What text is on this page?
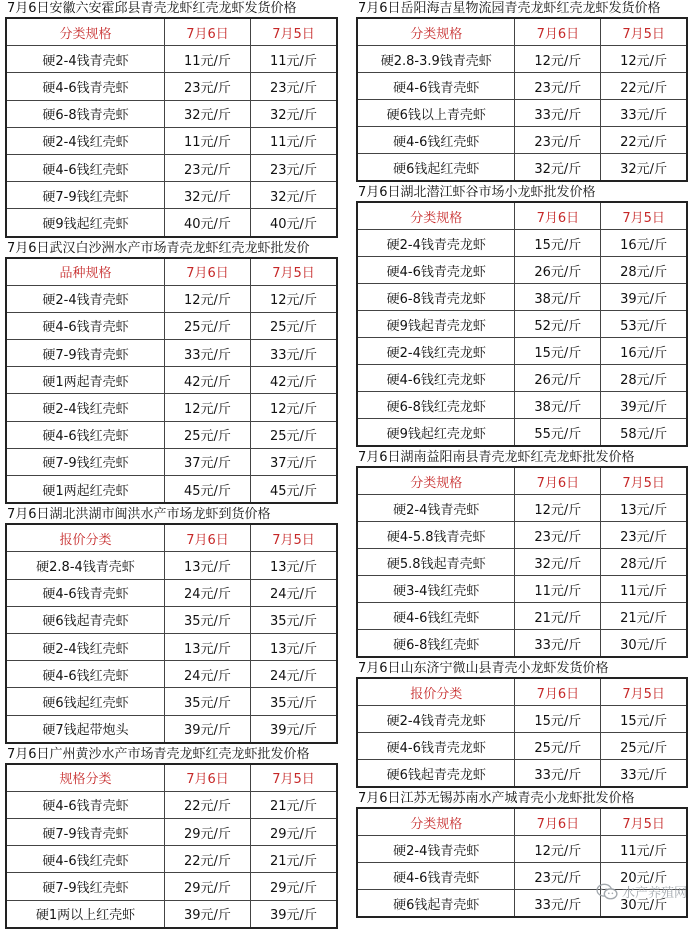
7月6日安徽六安霍邱县青壳龙虾红壳龙虾发货价格
分类规格	7月6日	7月5日
硬2-4钱青壳虾	11元/斤	11元/斤
硬4-6钱青壳虾	23元/斤	23元/斤
硬6-8钱青壳虾	32元/斤	32元/斤
硬2-4钱红壳虾	11元/斤	11元/斤
硬4-6钱红壳虾	23元/斤	23元/斤
硬7-9钱红壳虾	32元/斤	32元/斤
硬9钱起红壳虾	40元/斤	40元/斤
7月6日武汉白沙洲水产市场青壳龙虾红壳龙虾批发价
品种规格	7月6日	7月5日
硬2-4钱青壳虾	12元/斤	12元/斤
硬4-6钱青壳虾	25元/斤	25元/斤
硬7-9钱青壳虾	33元/斤	33元/斤
硬1两起青壳虾	42元/斤	42元/斤
硬2-4钱红壳虾	12元/斤	12元/斤
硬4-6钱红壳虾	25元/斤	25元/斤
硬7-9钱红壳虾	37元/斤	37元/斤
硬1两起红壳虾	45元/斤	45元/斤
7月6日湖北洪湖市闽洪水产市场龙虾到货价格
报价分类	7月6日	7月5日
硬2.8-4钱青壳虾	13元/斤	13元/斤
硬4-6钱青壳虾	24元/斤	24元/斤
硬6钱起青壳虾	35元/斤	35元/斤
硬2-4钱红壳虾	13元/斤	13元/斤
硬4-6钱红壳虾	24元/斤	24元/斤
硬6钱起红壳虾	35元/斤	35元/斤
硬7钱起带炮头	39元/斤	39元/斤
7月6日广州黄沙水产市场青壳龙虾红壳龙虾批发价格
规格分类	7月6日	7月5日
硬4-6钱青壳虾	22元/斤	21元/斤
硬7-9钱青壳虾	29元/斤	29元/斤
硬4-6钱红壳虾	22元/斤	21元/斤
硬7-9钱红壳虾	29元/斤	29元/斤
硬1两以上红壳虾	39元/斤	39元/斤
7月6日岳阳海吉星物流园青壳龙虾红壳龙虾发货价格
分类规格	7月6日	7月5日
硬2.8-3.9钱青壳虾	12元/斤	12元/斤
硬4-6钱青壳虾	23元/斤	22元/斤
硬6钱以上青壳虾	33元/斤	33元/斤
硬4-6钱红壳虾	23元/斤	22元/斤
硬6钱起红壳虾	32元/斤	32元/斤
7月6日湖北潜江虾谷市场小龙虾批发价格
分类规格	7月6日	7月5日
硬2-4钱青壳龙虾	15元/斤	16元/斤
硬4-6钱青壳龙虾	26元/斤	28元/斤
硬6-8钱青壳龙虾	38元/斤	39元/斤
硬9钱起青壳龙虾	52元/斤	53元/斤
硬2-4钱红壳龙虾	15元/斤	16元/斤
硬4-6钱红壳龙虾	26元/斤	28元/斤
硬6-8钱红壳龙虾	38元/斤	39元/斤
硬9钱起红壳龙虾	55元/斤	58元/斤
7月6日湖南益阳南县青壳龙虾红壳龙虾批发价格
分类规格	7月6日	7月5日
硬2-4钱青壳虾	12元/斤	13元/斤
硬4-5.8钱青壳虾	23元/斤	23元/斤
硬5.8钱起青壳虾	32元/斤	28元/斤
硬3-4钱红壳虾	11元/斤	11元/斤
硬4-6钱红壳虾	21元/斤	21元/斤
硬6-8钱红壳虾	33元/斤	30元/斤
7月6日山东济宁微山县青壳小龙虾发货价格
报价分类	7月6日	7月5日
硬2-4钱青壳龙虾	15元/斤	15元/斤
硬4-6钱青壳龙虾	25元/斤	25元/斤
硬6钱起青壳龙虾	33元/斤	33元/斤
7月6日江苏无锡苏南水产城青壳小龙虾批发价格
分类规格	7月6日	7月5日
硬2-4钱青壳虾	12元/斤	11元/斤
硬4-6钱青壳虾	23元/斤	20元/斤
硬6钱起青壳虾	33元/斤	30元/斤
水产养殖网
